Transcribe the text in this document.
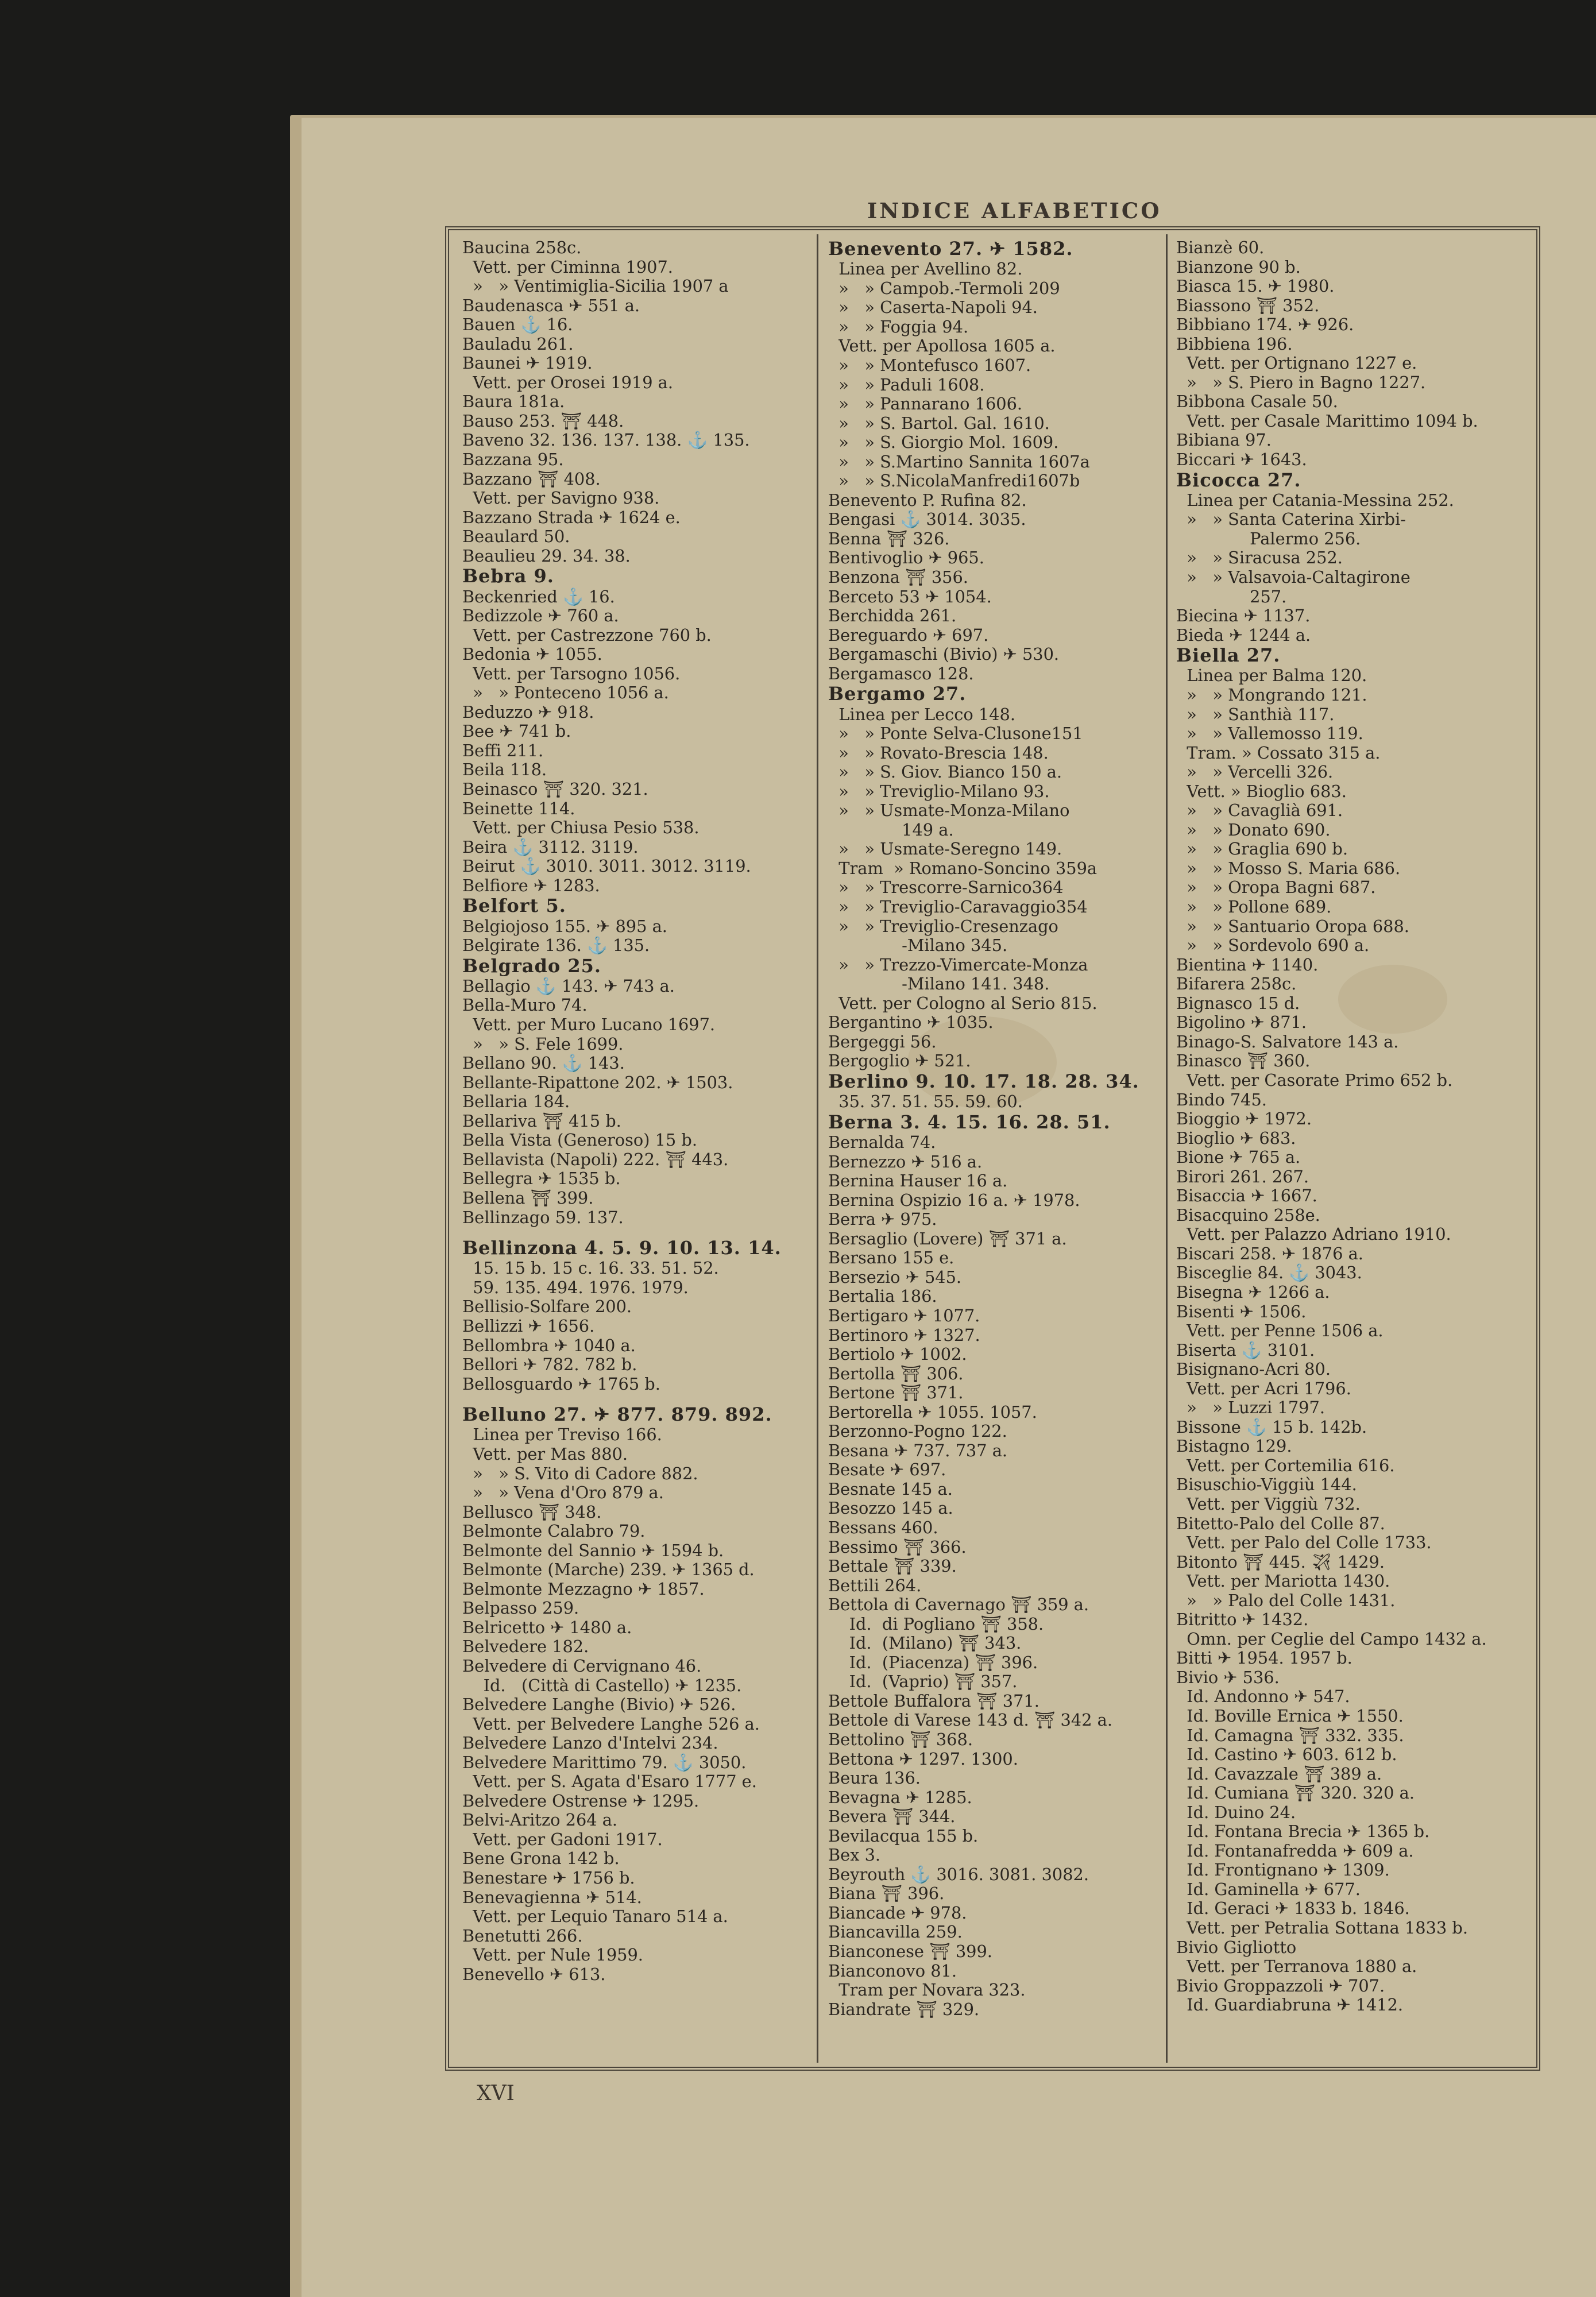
INDICE ALFABETICO
Baucina 258c.
Vett. per Ciminna 1907.
»   » Ventimiglia-Sicilia 1907 a
Baudenasca ✈ 551 a.
Bauen ⚓ 16.
Bauladu 261.
Baunei ✈ 1919.
Vett. per Orosei 1919 a.
Baura 181a.
Bauso 253. ⛩ 448.
Baveno 32. 136. 137. 138. ⚓ 135.
Bazzana 95.
Bazzano ⛩ 408.
Vett. per Savigno 938.
Bazzano Strada ✈ 1624 e.
Beaulard 50.
Beaulieu 29. 34. 38.
Bebra 9.
Beckenried ⚓ 16.
Bedizzole ✈ 760 a.
Vett. per Castrezzone 760 b.
Bedonia ✈ 1055.
Vett. per Tarsogno 1056.
»   » Ponteceno 1056 a.
Beduzzo ✈ 918.
Bee ✈ 741 b.
Beffi 211.
Beila 118.
Beinasco ⛩ 320. 321.
Beinette 114.
Vett. per Chiusa Pesio 538.
Beira ⚓ 3112. 3119.
Beirut ⚓ 3010. 3011. 3012. 3119.
Belfiore ✈ 1283.
Belfort 5.
Belgiojoso 155. ✈ 895 a.
Belgirate 136. ⚓ 135.
Belgrado 25.
Bellagio ⚓ 143. ✈ 743 a.
Bella-Muro 74.
Vett. per Muro Lucano 1697.
»   » S. Fele 1699.
Bellano 90. ⚓ 143.
Bellante-Ripattone 202. ✈ 1503.
Bellaria 184.
Bellariva ⛩ 415 b.
Bella Vista (Generoso) 15 b.
Bellavista (Napoli) 222. ⛩ 443.
Bellegra ✈ 1535 b.
Bellena ⛩ 399.
Bellinzago 59. 137.
Bellinzona 4. 5. 9. 10. 13. 14.
15. 15 b. 15 c. 16. 33. 51. 52.
59. 135. 494. 1976. 1979.
Bellisio-Solfare 200.
Bellizzi ✈ 1656.
Bellombra ✈ 1040 a.
Bellori ✈ 782. 782 b.
Bellosguardo ✈ 1765 b.
Belluno 27. ✈ 877. 879. 892.
Linea per Treviso 166.
Vett. per Mas 880.
»   » S. Vito di Cadore 882.
»   » Vena d'Oro 879 a.
Bellusco ⛩ 348.
Belmonte Calabro 79.
Belmonte del Sannio ✈ 1594 b.
Belmonte (Marche) 239. ✈ 1365 d.
Belmonte Mezzagno ✈ 1857.
Belpasso 259.
Belricetto ✈ 1480 a.
Belvedere 182.
Belvedere di Cervignano 46.
Id.   (Città di Castello) ✈ 1235.
Belvedere Langhe (Bivio) ✈ 526.
Vett. per Belvedere Langhe 526 a.
Belvedere Lanzo d'Intelvi 234.
Belvedere Marittimo 79. ⚓ 3050.
Vett. per S. Agata d'Esaro 1777 e.
Belvedere Ostrense ✈ 1295.
Belvi-Aritzo 264 a.
Vett. per Gadoni 1917.
Bene Grona 142 b.
Benestare ✈ 1756 b.
Benevagienna ✈ 514.
Vett. per Lequio Tanaro 514 a.
Benetutti 266.
Vett. per Nule 1959.
Benevello ✈ 613.
Benevento 27. ✈ 1582.
Linea per Avellino 82.
»   » Campob.-Termoli 209
»   » Caserta-Napoli 94.
»   » Foggia 94.
Vett. per Apollosa 1605 a.
»   » Montefusco 1607.
»   » Paduli 1608.
»   » Pannarano 1606.
»   » S. Bartol. Gal. 1610.
»   » S. Giorgio Mol. 1609.
»   » S.Martino Sannita 1607a
»   » S.NicolaManfredi1607b
Benevento P. Rufina 82.
Bengasi ⚓ 3014. 3035.
Benna ⛩ 326.
Bentivoglio ✈ 965.
Benzona ⛩ 356.
Berceto 53 ✈ 1054.
Berchidda 261.
Bereguardo ✈ 697.
Bergamaschi (Bivio) ✈ 530.
Bergamasco 128.
Bergamo 27.
Linea per Lecco 148.
»   » Ponte Selva-Clusone151
»   » Rovato-Brescia 148.
»   » S. Giov. Bianco 150 a.
»   » Treviglio-Milano 93.
»   » Usmate-Monza-Milano
149 a.
»   » Usmate-Seregno 149.
Tram  » Romano-Soncino 359a
»   » Trescorre-Sarnico364
»   » Treviglio-Caravaggio354
»   » Treviglio-Cresenzago
-Milano 345.
»   » Trezzo-Vimercate-Monza
-Milano 141. 348.
Vett. per Cologno al Serio 815.
Bergantino ✈ 1035.
Bergeggi 56.
Bergoglio ✈ 521.
Berlino 9. 10. 17. 18. 28. 34.
35. 37. 51. 55. 59. 60.
Berna 3. 4. 15. 16. 28. 51.
Bernalda 74.
Bernezzo ✈ 516 a.
Bernina Hauser 16 a.
Bernina Ospizio 16 a. ✈ 1978.
Berra ✈ 975.
Bersaglio (Lovere) ⛩ 371 a.
Bersano 155 e.
Bersezio ✈ 545.
Bertalia 186.
Bertigaro ✈ 1077.
Bertinoro ✈ 1327.
Bertiolo ✈ 1002.
Bertolla ⛩ 306.
Bertone ⛩ 371.
Bertorella ✈ 1055. 1057.
Berzonno-Pogno 122.
Besana ✈ 737. 737 a.
Besate ✈ 697.
Besnate 145 a.
Besozzo 145 a.
Bessans 460.
Bessimo ⛩ 366.
Bettale ⛩ 339.
Bettili 264.
Bettola di Cavernago ⛩ 359 a.
Id.  di Pogliano ⛩ 358.
Id.  (Milano) ⛩ 343.
Id.  (Piacenza) ⛩ 396.
Id.  (Vaprio) ⛩ 357.
Bettole Buffalora ⛩ 371.
Bettole di Varese 143 d. ⛩ 342 a.
Bettolino ⛩ 368.
Bettona ✈ 1297. 1300.
Beura 136.
Bevagna ✈ 1285.
Bevera ⛩ 344.
Bevilacqua 155 b.
Bex 3.
Beyrouth ⚓ 3016. 3081. 3082.
Biana ⛩ 396.
Biancade ✈ 978.
Biancavilla 259.
Bianconese ⛩ 399.
Bianconovo 81.
Tram per Novara 323.
Biandrate ⛩ 329.
Bianzè 60.
Bianzone 90 b.
Biasca 15. ✈ 1980.
Biassono ⛩ 352.
Bibbiano 174. ✈ 926.
Bibbiena 196.
Vett. per Ortignano 1227 e.
»   » S. Piero in Bagno 1227.
Bibbona Casale 50.
Vett. per Casale Marittimo 1094 b.
Bibiana 97.
Biccari ✈ 1643.
Bicocca 27.
Linea per Catania-Messina 252.
»   » Santa Caterina Xirbi-
Palermo 256.
»   » Siracusa 252.
»   » Valsavoia-Caltagirone
257.
Biecina ✈ 1137.
Bieda ✈ 1244 a.
Biella 27.
Linea per Balma 120.
»   » Mongrando 121.
»   » Santhià 117.
»   » Vallemosso 119.
Tram. » Cossato 315 a.
»   » Vercelli 326.
Vett. » Bioglio 683.
»   » Cavaglià 691.
»   » Donato 690.
»   » Graglia 690 b.
»   » Mosso S. Maria 686.
»   » Oropa Bagni 687.
»   » Pollone 689.
»   » Santuario Oropa 688.
»   » Sordevolo 690 a.
Bientina ✈ 1140.
Bifarera 258c.
Bignasco 15 d.
Bigolino ✈ 871.
Binago-S. Salvatore 143 a.
Binasco ⛩ 360.
Vett. per Casorate Primo 652 b.
Bindo 745.
Bioggio ✈ 1972.
Bioglio ✈ 683.
Bione ✈ 765 a.
Birori 261. 267.
Bisaccia ✈ 1667.
Bisacquino 258e.
Vett. per Palazzo Adriano 1910.
Biscari 258. ✈ 1876 a.
Bisceglie 84. ⚓ 3043.
Bisegna ✈ 1266 a.
Bisenti ✈ 1506.
Vett. per Penne 1506 a.
Biserta ⚓ 3101.
Bisignano-Acri 80.
Vett. per Acri 1796.
»   » Luzzi 1797.
Bissone ⚓ 15 b. 142b.
Bistagno 129.
Vett. per Cortemilia 616.
Bisuschio-Viggiù 144.
Vett. per Viggiù 732.
Bitetto-Palo del Colle 87.
Vett. per Palo del Colle 1733.
Bitonto ⛩ 445. ✈ 1429.
Vett. per Mariotta 1430.
»   » Palo del Colle 1431.
Bitritto ✈ 1432.
Omn. per Ceglie del Campo 1432 a.
Bitti ✈ 1954. 1957 b.
Bivio ✈ 536.
Id. Andonno ✈ 547.
Id. Boville Ernica ✈ 1550.
Id. Camagna ⛩ 332. 335.
Id. Castino ✈ 603. 612 b.
Id. Cavazzale ⛩ 389 a.
Id. Cumiana ⛩ 320. 320 a.
Id. Duino 24.
Id. Fontana Brecia ✈ 1365 b.
Id. Fontanafredda ✈ 609 a.
Id. Frontignano ✈ 1309.
Id. Gaminella ✈ 677.
Id. Geraci ✈ 1833 b. 1846.
Vett. per Petralia Sottana 1833 b.
Bivio Gigliotto
Vett. per Terranova 1880 a.
Bivio Groppazzoli ✈ 707.
Id. Guardiabruna ✈ 1412.
XVI
